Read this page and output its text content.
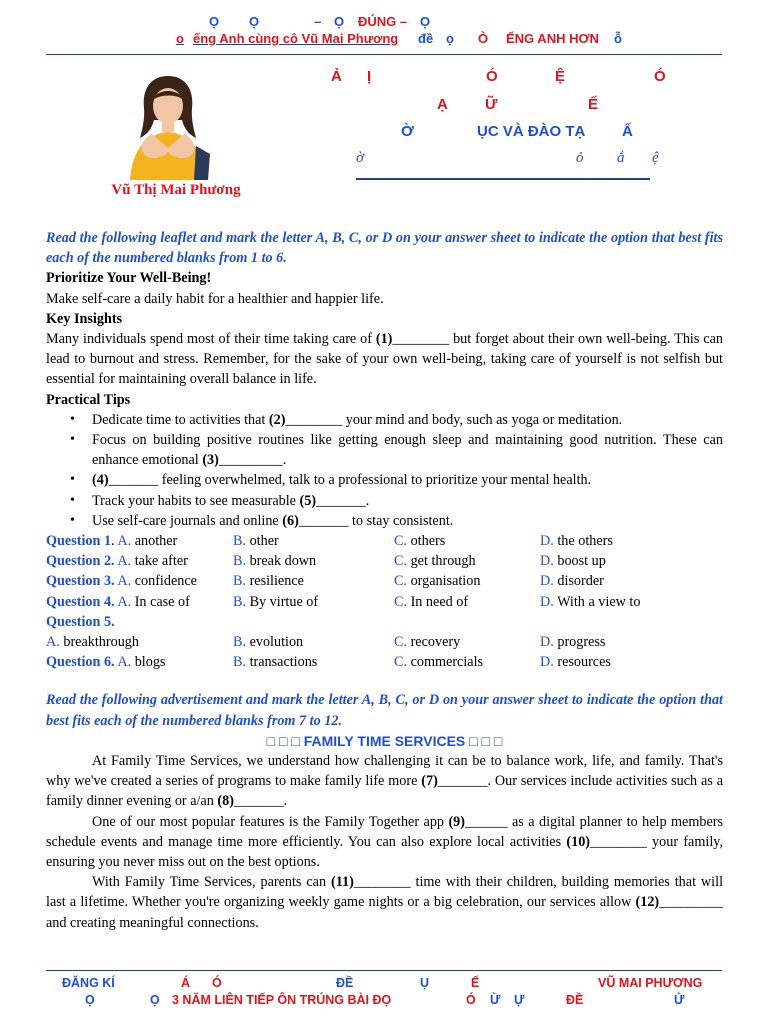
Ọ Ọ	– Ọ ĐÚNG – Ọ
o ếng Anh cùng cô Vũ Mai Phương đề ọ Ò ẾNG ANH HƠN ỗ
Vũ Thị Mai Phương
Ả Ị	Ó	Ệ	Ó
Ạ Ữ	Ế
Ờ	ỤC VÀ ĐÀO TẠ Ấ
ờ	ỏ ắ ệ

Read the following leaflet and mark the letter A, B, C, or D on your answer sheet to indicate the option that best fits each of the numbered blanks from 1 to 6.

Prioritize Your Well-Being!

Make self-care a daily habit for a healthier and happier life.

Key Insights

Many individuals spend most of their time taking care of (1)________ but forget about their own well-being. This can lead to burnout and stress. Remember, for the sake of your own well-being, taking care of yourself is not selfish but essential for maintaining overall balance in life.

Practical Tips

• Dedicate time to activities that (2)________ your mind and body, such as yoga or meditation.
• Focus on building positive routines like getting enough sleep and maintaining good nutrition. These can enhance emotional (3)_________.
• (4)_______ feeling overwhelmed, talk to a professional to prioritize your mental health.
• Track your habits to see measurable (5)_______.
• Use self-care journals and online (6)_______ to stay consistent.
Question 1. A. another	B. other	C. others	D. the others
Question 2. A. take after	B. break down	C. get through	D. boost up
Question 3. A. confidence	B. resilience	C. organisation	D. disorder
Question 4. A. In case of	B. By virtue of	C. In need of	D. With a view to
Question 5.
A. breakthrough	B. evolution	C. recovery	D. progress
Question 6. A. blogs	B. transactions	C. commercials	D. resources

Read the following advertisement and mark the letter A, B, C, or D on your answer sheet to indicate the option that best fits each of the numbered blanks from 7 to 12.

□ □ □ FAMILY TIME SERVICES □ □ □

At Family Time Services, we understand how challenging it can be to balance work, life, and family. That's why we've created a series of programs to make family life more (7)_______. Our services include activities such as a family dinner evening or a/an (8)_______.

One of our most popular features is the Family Together app (9)______ as a digital planner to help members schedule events and manage time more efficiently. You can also explore local activities (10)________ your family, ensuring you never miss out on the best options.

With Family Time Services, parents can (11)________ time with their children, building memories that will last a lifetime. Whether you're organizing weekly game nights or a big celebration, our services allow (12)_________ and creating meaningful connections.

ĐĂNG KÍ	Á Ó	ĐỀ	Ụ	Ế	VŨ MAI PHƯƠNG
Ọ	Ọ 3 NĂM LIÊN TIẾP ÔN TRÚNG BÀI ĐỌ	Ó Ừ Ự	ĐỀ	Ử
